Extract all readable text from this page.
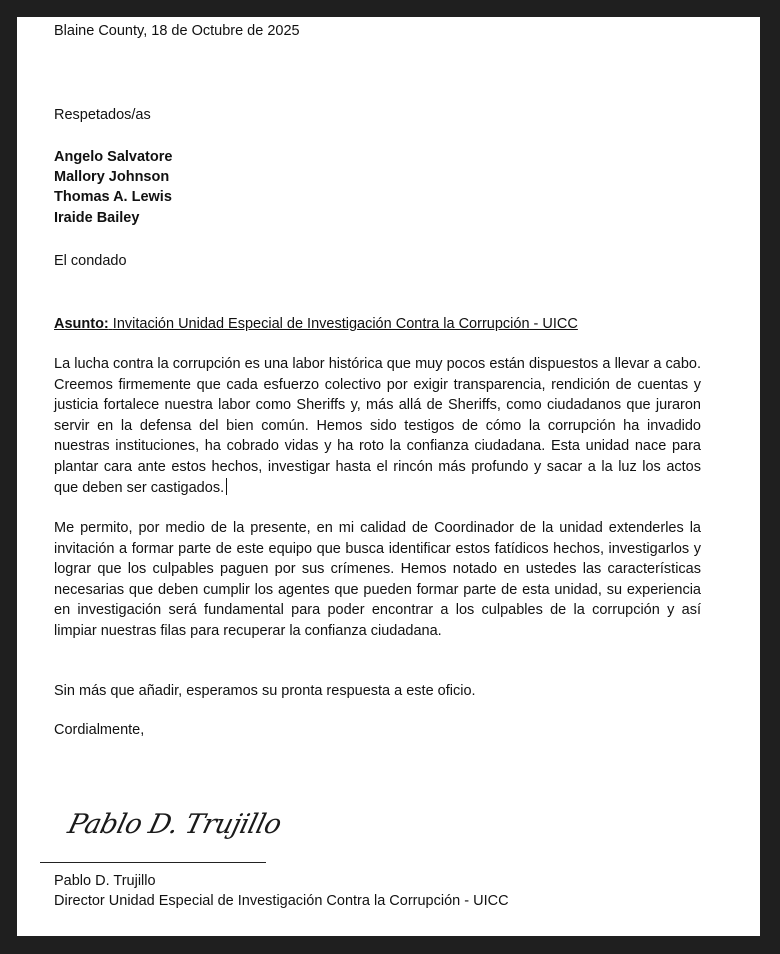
Blaine County, 18 de Octubre de 2025
Respetados/as
Angelo Salvatore
Mallory Johnson
Thomas A. Lewis
Iraide Bailey
El condado
Asunto: Invitación Unidad Especial de Investigación Contra la Corrupción - UICC
La lucha contra la corrupción es una labor histórica que muy pocos están dispuestos a llevar a cabo. Creemos firmemente que cada esfuerzo colectivo por exigir transparencia, rendición de cuentas y justicia fortalece nuestra labor como Sheriffs y, más allá de Sheriffs, como ciudadanos que juraron servir en la defensa del bien común. Hemos sido testigos de cómo la corrupción ha invadido nuestras instituciones, ha cobrado vidas y ha roto la confianza ciudadana. Esta unidad nace para plantar cara ante estos hechos, investigar hasta el rincón más profundo y sacar a la luz los actos que deben ser castigados.
Me permito, por medio de la presente, en mi calidad de Coordinador de la unidad extenderles la invitación a formar parte de este equipo que busca identificar estos fatídicos hechos, investigarlos y lograr que los culpables paguen por sus crímenes. Hemos notado en ustedes las características necesarias que deben cumplir los agentes que pueden formar parte de esta unidad, su experiencia en investigación será fundamental para poder encontrar a los culpables de la corrupción y así limpiar nuestras filas para recuperar la confianza ciudadana.
Sin más que añadir, esperamos su pronta respuesta a este oficio.
Cordialmente,
Pablo D. Trujillo
Pablo D. Trujillo
Director Unidad Especial de Investigación Contra la Corrupción - UICC
